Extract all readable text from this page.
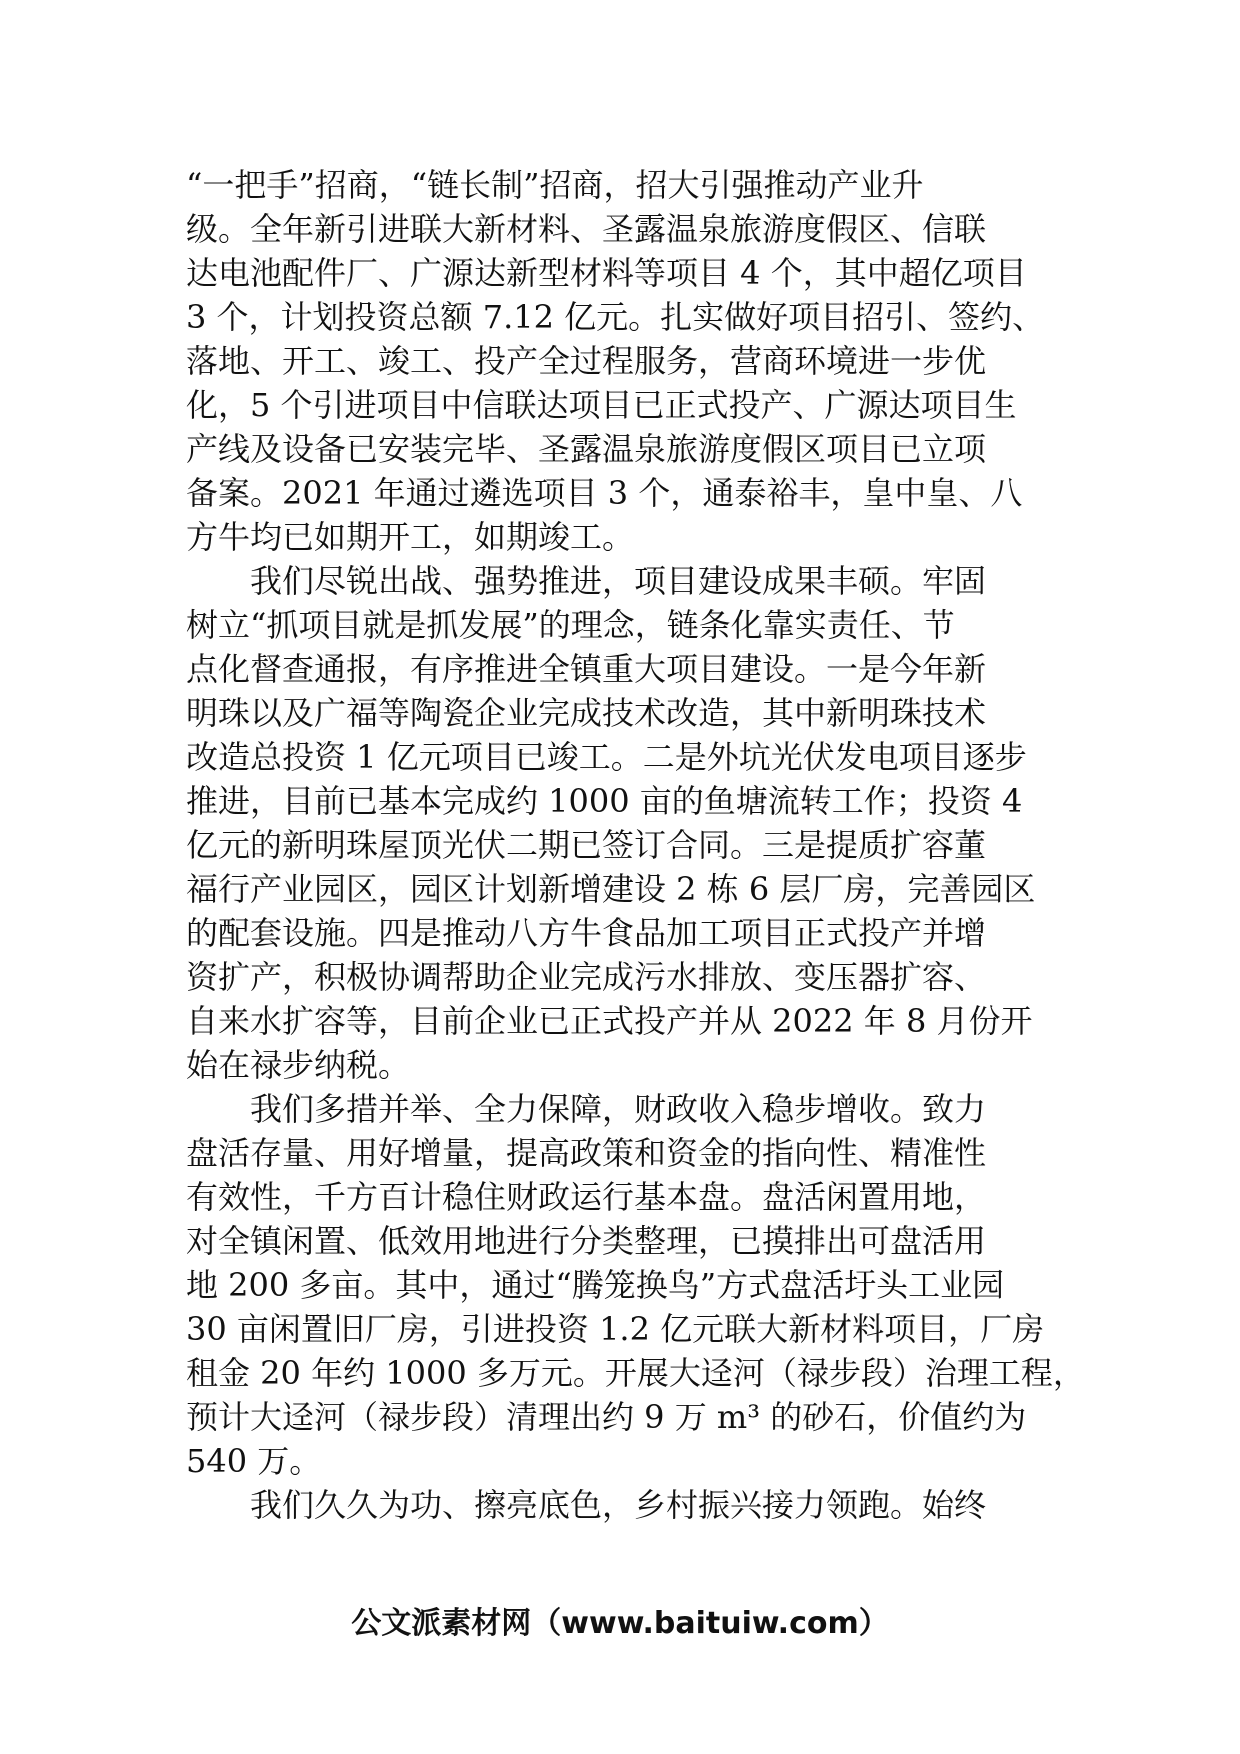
“一把手”招商，“链长制”招商，招大引强推动产业升
级。全年新引进联大新材料、圣露温泉旅游度假区、信联
达电池配件厂、广源达新型材料等项目 4 个，其中超亿项目
3 个，计划投资总额 7.12 亿元。扎实做好项目招引、签约、
落地、开工、竣工、投产全过程服务，营商环境进一步优
化，5 个引进项目中信联达项目已正式投产、广源达项目生
产线及设备已安装完毕、圣露温泉旅游度假区项目已立项
备案。2021 年通过遴选项目 3 个，通泰裕丰，皇中皇、八
方牛均已如期开工，如期竣工。
　　我们尽锐出战、强势推进，项目建设成果丰硕。牢固
树立“抓项目就是抓发展”的理念，链条化靠实责任、节
点化督查通报，有序推进全镇重大项目建设。一是今年新
明珠以及广福等陶瓷企业完成技术改造，其中新明珠技术
改造总投资 1 亿元项目已竣工。二是外坑光伏发电项目逐步
推进，目前已基本完成约 1000 亩的鱼塘流转工作；投资 4
亿元的新明珠屋顶光伏二期已签订合同。三是提质扩容董
福行产业园区，园区计划新增建设 2 栋 6 层厂房，完善园区
的配套设施。四是推动八方牛食品加工项目正式投产并增
资扩产，积极协调帮助企业完成污水排放、变压器扩容、
自来水扩容等，目前企业已正式投产并从 2022 年 8 月份开
始在禄步纳税。
　　我们多措并举、全力保障，财政收入稳步增收。致力
盘活存量、用好增量，提高政策和资金的指向性、精准性
有效性，千方百计稳住财政运行基本盘。盘活闲置用地，
对全镇闲置、低效用地进行分类整理，已摸排出可盘活用
地 200 多亩。其中，通过“腾笼换鸟”方式盘活圩头工业园
30 亩闲置旧厂房，引进投资 1.2 亿元联大新材料项目，厂房
租金 20 年约 1000 多万元。开展大迳河（禄步段）治理工程，
预计大迳河（禄步段）清理出约 9 万 m³ 的砂石，价值约为
540 万。
　　我们久久为功、擦亮底色，乡村振兴接力领跑。始终
公文派素材网（www.baituiw.com）
